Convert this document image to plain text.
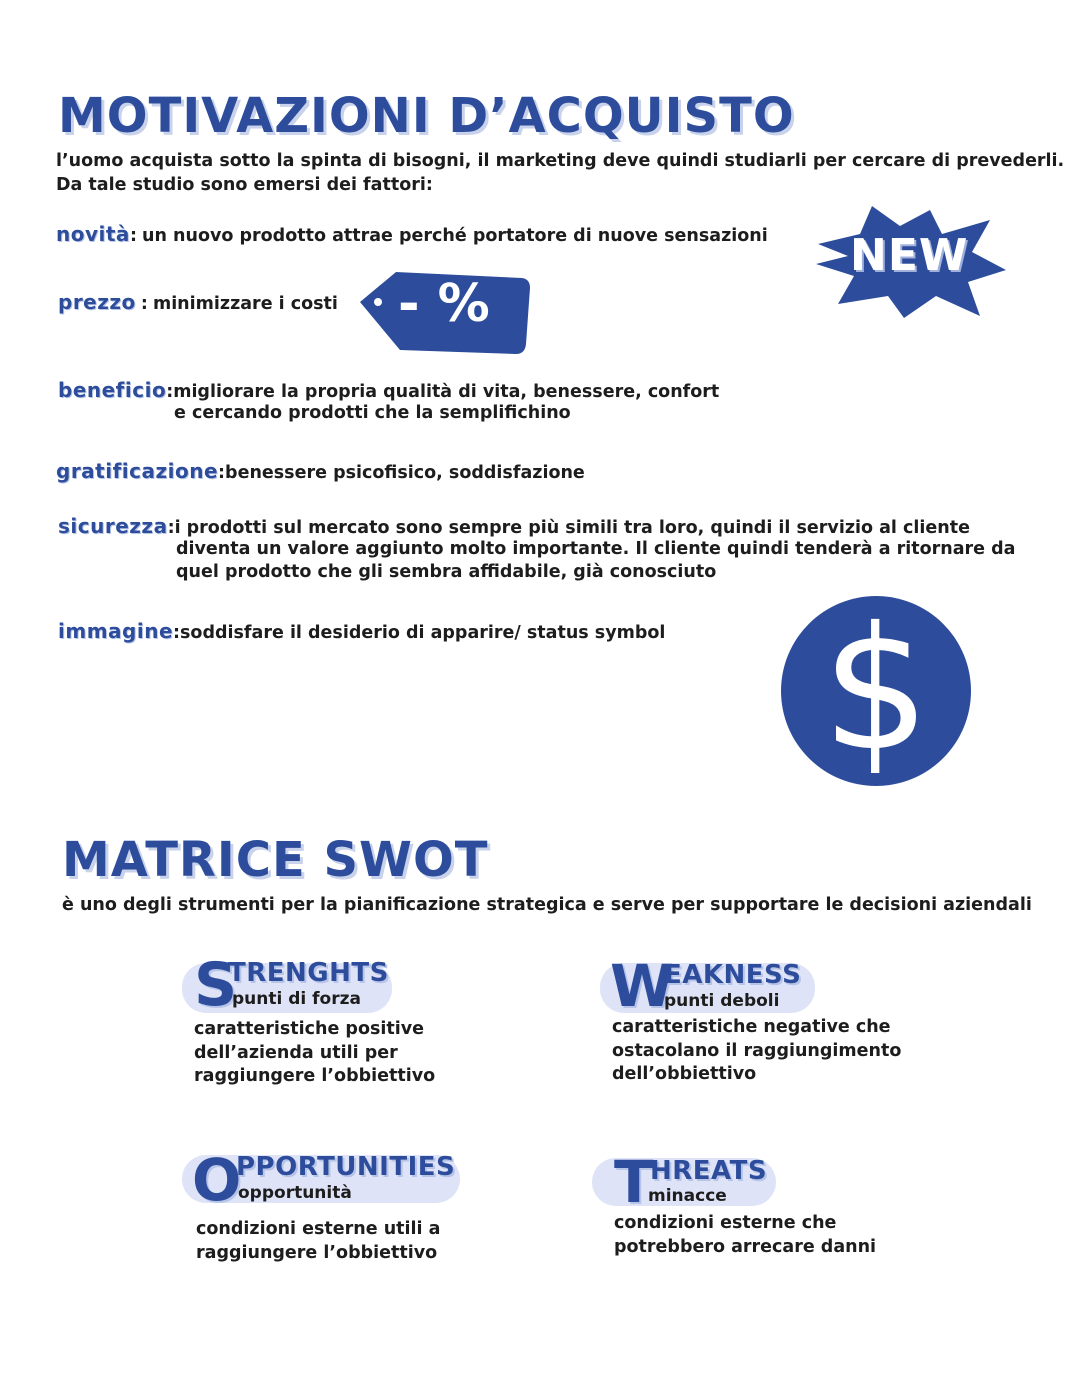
MOTIVAZIONI D’ACQUISTO
l’uomo acquista sotto la spinta di bisogni, il marketing deve quindi studiarli per cercare di prevederli.
Da tale studio sono emersi dei fattori:
novità: un nuovo prodotto attrae perché portatore di nuove sensazioni
prezzo : minimizzare i costi
beneficio:migliorare la propria qualità di vita, benessere, confort
e cercando prodotti che la semplifichino
gratificazione:benessere psicofisico, soddisfazione
sicurezza:i prodotti sul mercato sono sempre più simili tra loro, quindi il servizio al cliente
diventa un valore aggiunto molto importante. Il cliente quindi tenderà a ritornare da
quel prodotto che gli sembra affidabile, già conosciuto
immagine:soddisfare il desiderio di apparire/ status symbol
NEW
- %
$
MATRICE SWOT
è uno degli strumenti per la pianificazione strategica e serve per supportare le decisioni aziendali
S
TRENGHTS
punti di forza
caratteristiche positive
dell’azienda utili per
raggiungere l’obbiettivo
W
EAKNESS
punti deboli
caratteristiche negative che
ostacolano il raggiungimento
dell’obbiettivo
O
PPORTUNITIES
opportunità
condizioni esterne utili a
raggiungere l’obbiettivo
T
HREATS
minacce
condizioni esterne che
potrebbero arrecare danni
